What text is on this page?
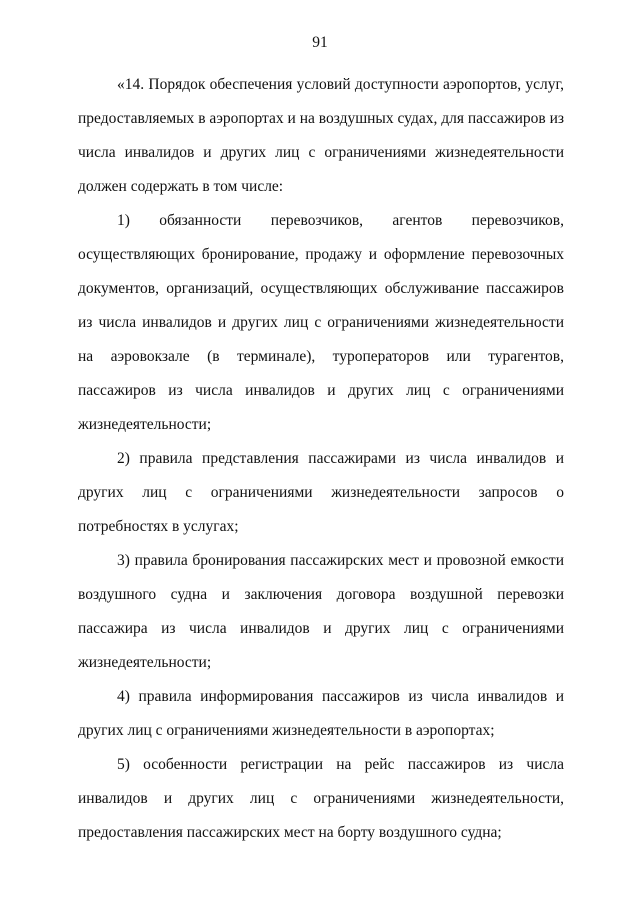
91

«14. Порядок обеспечения условий доступности аэропортов, услуг, предоставляемых в аэропортах и на воздушных судах, для пассажиров из числа инвалидов и других лиц с ограничениями жизнедеятельности должен содержать в том числе:

1) обязанности перевозчиков, агентов перевозчиков, осуществляющих бронирование, продажу и оформление перевозочных документов, организаций, осуществляющих обслуживание пассажиров из числа инвалидов и других лиц с ограничениями жизнедеятельности на аэровокзале (в терминале), туроператоров или турагентов, пассажиров из числа инвалидов и других лиц с ограничениями жизнедеятельности;

2) правила представления пассажирами из числа инвалидов и других лиц с ограничениями жизнедеятельности запросов о потребностях в услугах;

3) правила бронирования пассажирских мест и провозной емкости воздушного судна и заключения договора воздушной перевозки пассажира из числа инвалидов и других лиц с ограничениями жизнедеятельности;

4) правила информирования пассажиров из числа инвалидов и других лиц с ограничениями жизнедеятельности в аэропортах;

5) особенности регистрации на рейс пассажиров из числа инвалидов и других лиц с ограничениями жизнедеятельности, предоставления пассажирских мест на борту воздушного судна;
